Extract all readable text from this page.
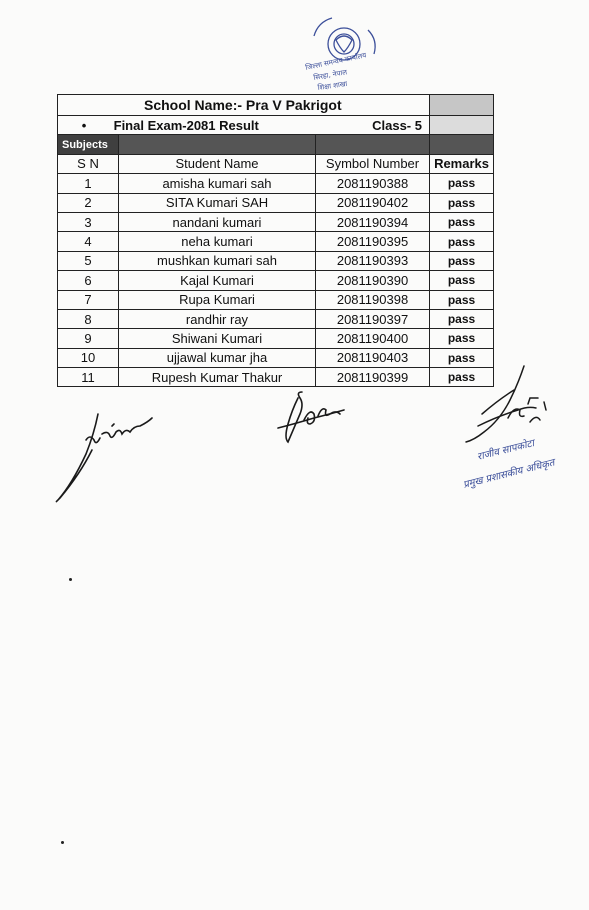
जिल्ला समन्वय कार्यालय
सिरहा, नेपाल
शिक्षा शाखा
School Name:- Pra V Pakrigot			
• Final Exam-2081 Result Class- 5			
Subjects			
S N	Student Name	Symbol Number	Remarks
1	amisha kumari sah	2081190388	pass
2	SITA Kumari SAH	2081190402	pass
3	nandani kumari	2081190394	pass
4	neha kumari	2081190395	pass
5	mushkan kumari sah	2081190393	pass
6	Kajal Kumari	2081190390	pass
7	Rupa Kumari	2081190398	pass
8	randhir ray	2081190397	pass
9	Shiwani Kumari	2081190400	pass
10	ujjawal kumar jha	2081190403	pass
11	Rupesh Kumar Thakur	2081190399	pass
राजीव सापकोटा
प्रमुख प्रशासकीय अधिकृत
